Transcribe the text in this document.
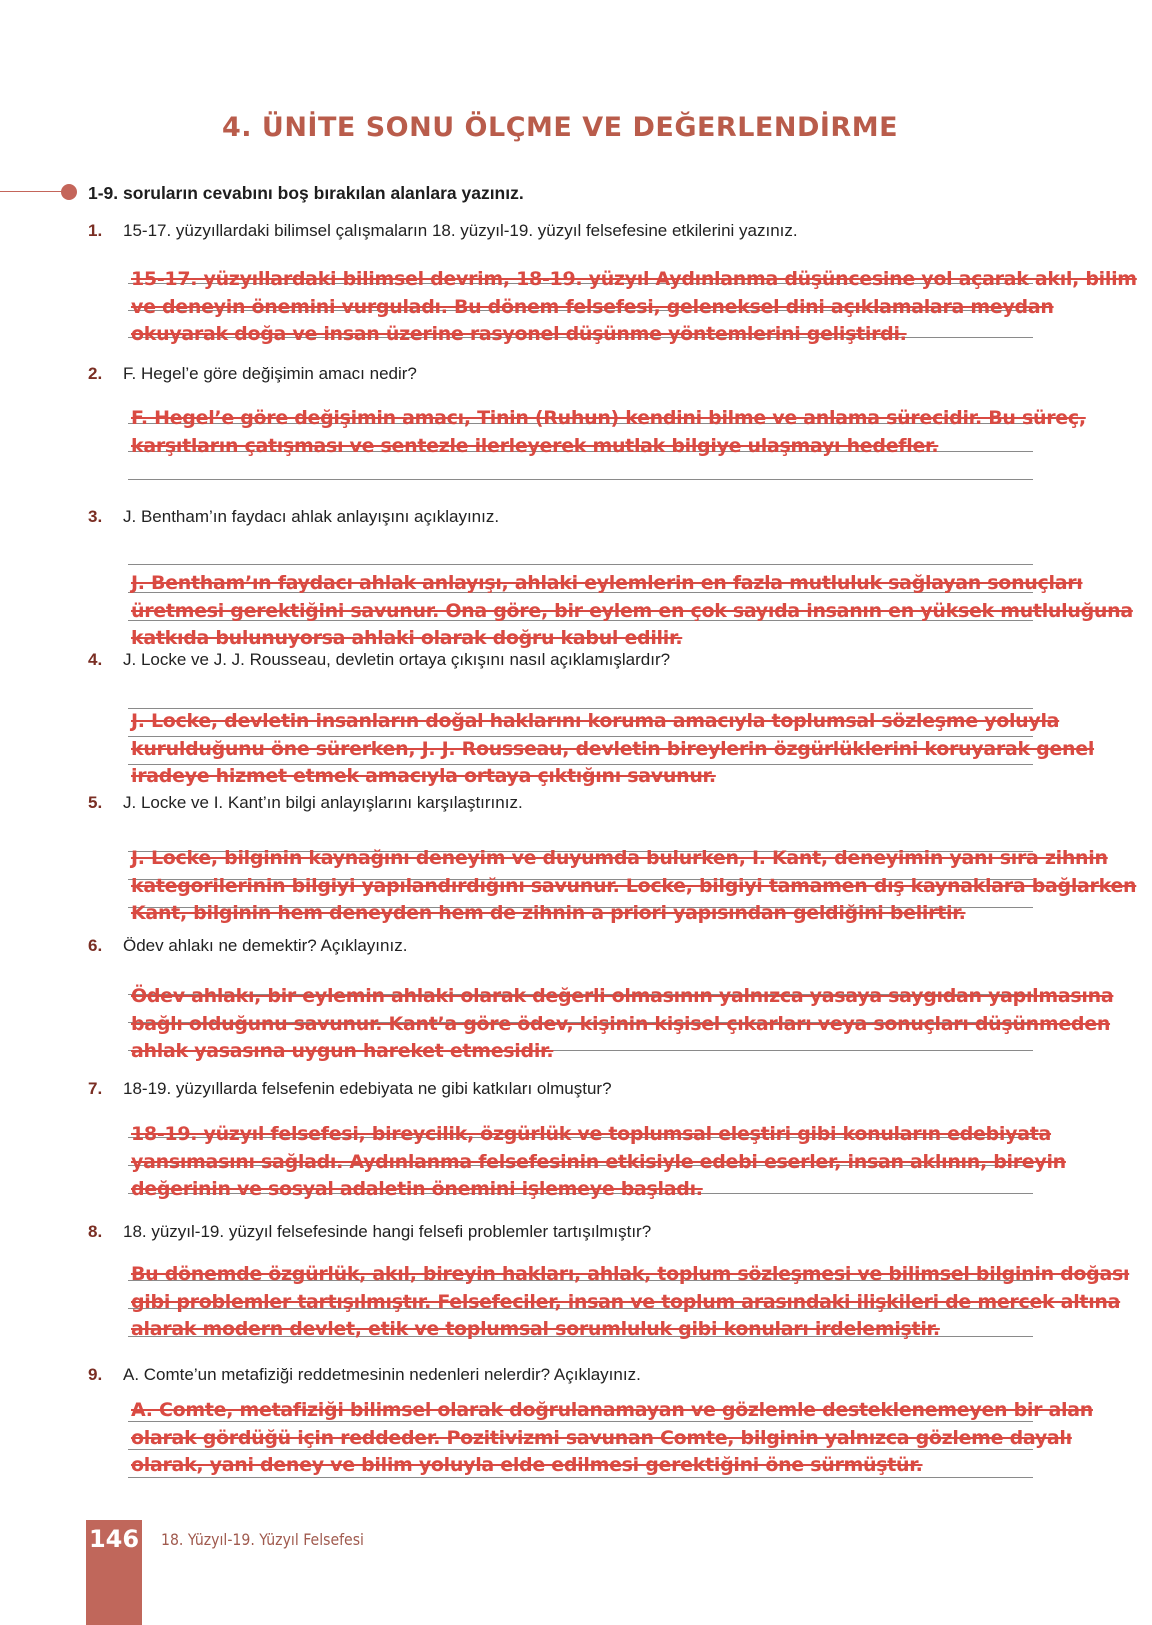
4. ÜNİTE SONU ÖLÇME VE DEĞERLENDİRME
1-9. soruların cevabını boş bırakılan alanlara yazınız.
1. 15-17. yüzyıllardaki bilimsel çalışmaların 18. yüzyıl-19. yüzyıl felsefesine etkilerini yazınız.

15-17. yüzyıllardaki bilimsel devrim, 18-19. yüzyıl Aydınlanma düşüncesine yol açarak akıl, bilim ve deneyin önemini vurguladı. Bu dönem felsefesi, geleneksel dini açıklamalara meydan okuyarak doğa ve insan üzerine rasyonel düşünme yöntemlerini geliştirdi.

2. F. Hegel’e göre değişimin amacı nedir?

F. Hegel’e göre değişimin amacı, Tinin (Ruhun) kendini bilme ve anlama sürecidir. Bu süreç, karşıtların çatışması ve sentezle ilerleyerek mutlak bilgiye ulaşmayı hedefler.

3. J. Bentham’ın faydacı ahlak anlayışını açıklayınız.

J. Bentham’ın faydacı ahlak anlayışı, ahlaki eylemlerin en fazla mutluluk sağlayan sonuçları üretmesi gerektiğini savunur. Ona göre, bir eylem en çok sayıda insanın en yüksek mutluluğuna katkıda bulunuyorsa ahlaki olarak doğru kabul edilir.

4. J. Locke ve J. J. Rousseau, devletin ortaya çıkışını nasıl açıklamışlardır?

J. Locke, devletin insanların doğal haklarını koruma amacıyla toplumsal sözleşme yoluyla kurulduğunu öne sürerken, J. J. Rousseau, devletin bireylerin özgürlüklerini koruyarak genel iradeye hizmet etmek amacıyla ortaya çıktığını savunur.

5. J. Locke ve I. Kant’ın bilgi anlayışlarını karşılaştırınız.

J. Locke, bilginin kaynağını deneyim ve duyumda bulurken, I. Kant, deneyimin yanı sıra zihnin kategorilerinin bilgiyi yapılandırdığını savunur. Locke, bilgiyi tamamen dış kaynaklara bağlarken Kant, bilginin hem deneyden hem de zihnin a priori yapısından geldiğini belirtir.

6. Ödev ahlakı ne demektir? Açıklayınız.

Ödev ahlakı, bir eylemin ahlaki olarak değerli olmasının yalnızca yasaya saygıdan yapılmasına bağlı olduğunu savunur. Kant’a göre ödev, kişinin kişisel çıkarları veya sonuçları düşünmeden ahlak yasasına uygun hareket etmesidir.

7. 18-19. yüzyıllarda felsefenin edebiyata ne gibi katkıları olmuştur?

18-19. yüzyıl felsefesi, bireycilik, özgürlük ve toplumsal eleştiri gibi konuların edebiyata yansımasını sağladı. Aydınlanma felsefesinin etkisiyle edebi eserler, insan aklının, bireyin değerinin ve sosyal adaletin önemini işlemeye başladı.

8. 18. yüzyıl-19. yüzyıl felsefesinde hangi felsefi problemler tartışılmıştır?

Bu dönemde özgürlük, akıl, bireyin hakları, ahlak, toplum sözleşmesi ve bilimsel bilginin doğası gibi problemler tartışılmıştır. Felsefeciler, insan ve toplum arasındaki ilişkileri de mercek altına alarak modern devlet, etik ve toplumsal sorumluluk gibi konuları irdelemiştir.

9. A. Comte’un metafiziği reddetmesinin nedenleri nelerdir? Açıklayınız.

A. Comte, metafiziği bilimsel olarak doğrulanamayan ve gözlemle desteklenemeyen bir alan olarak gördüğü için reddeder. Pozitivizmi savunan Comte, bilginin yalnızca gözleme dayalı olarak, yani deney ve bilim yoluyla elde edilmesi gerektiğini öne sürmüştür.

146 18. Yüzyıl-19. Yüzyıl Felsefesi
